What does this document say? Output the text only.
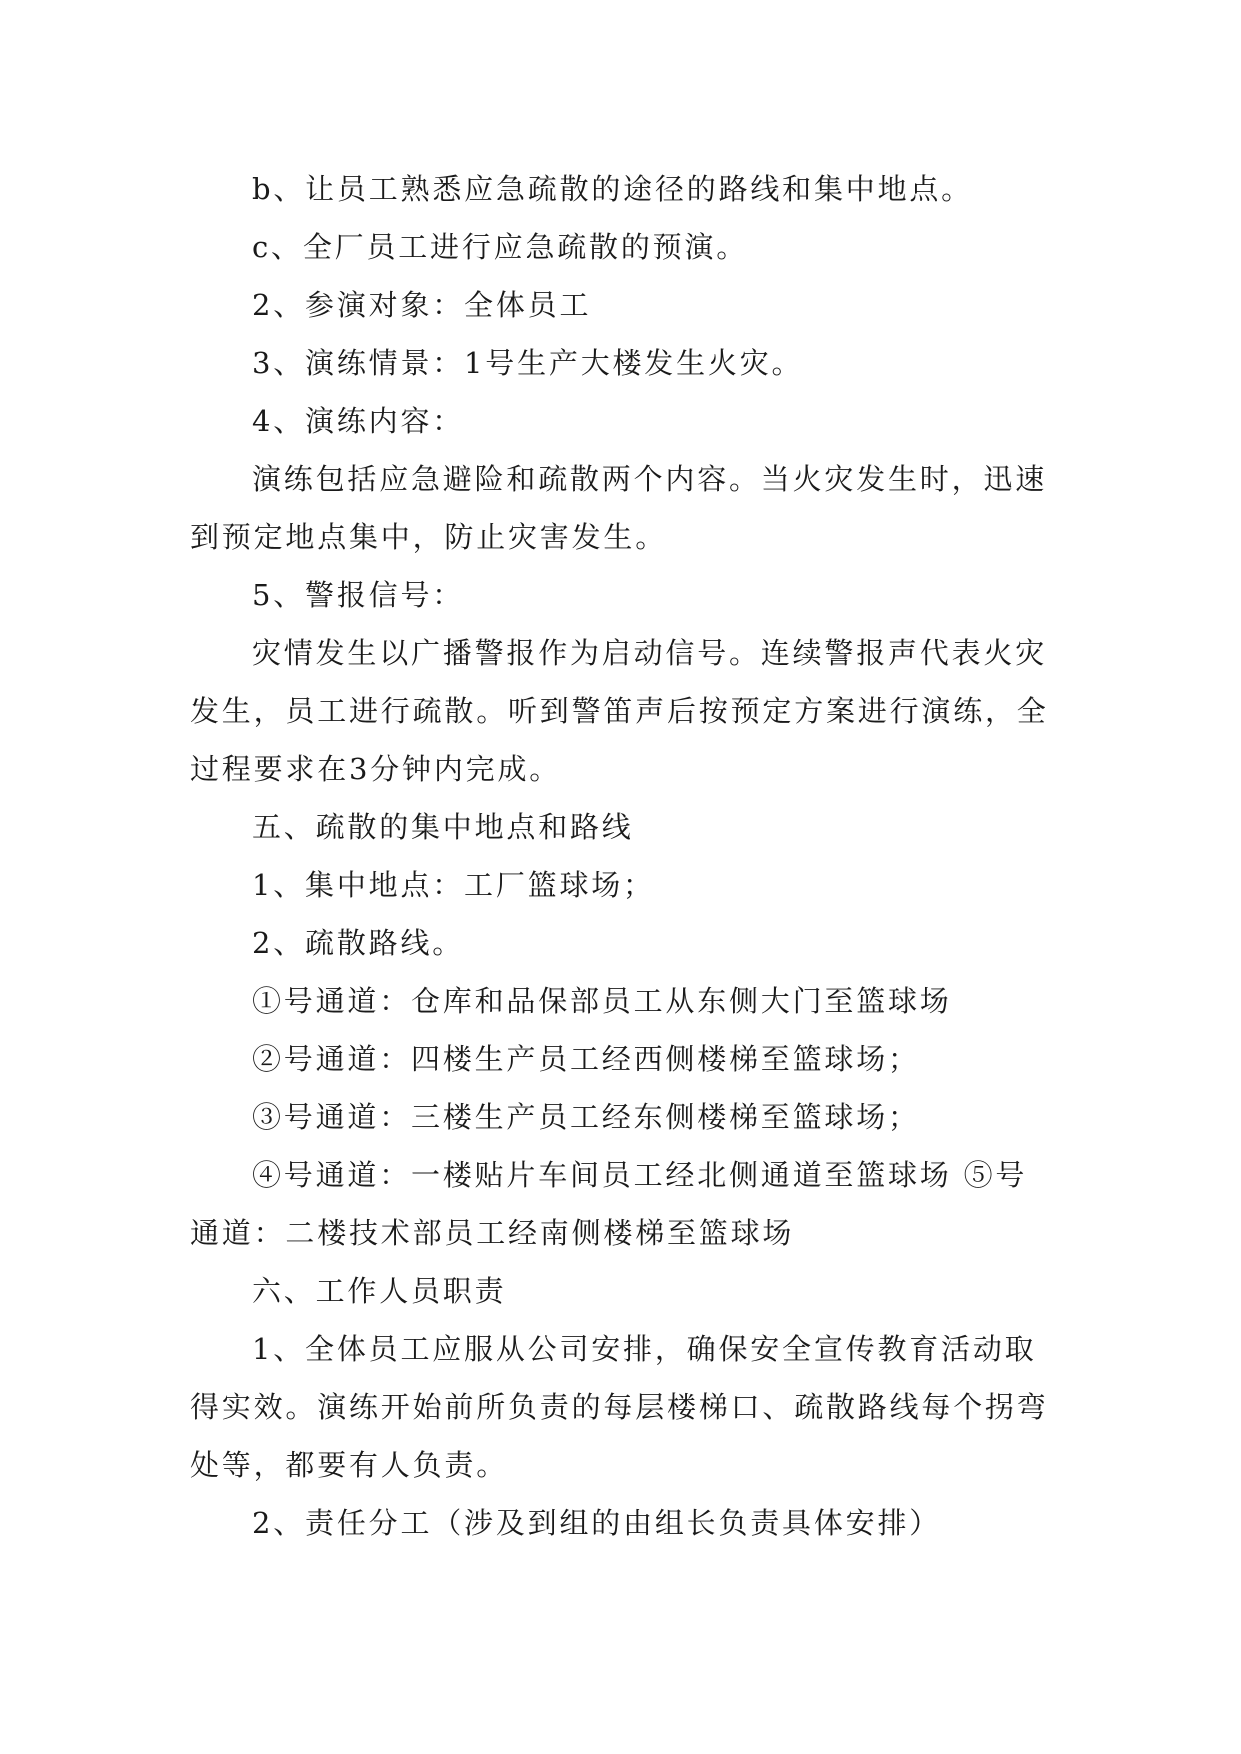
b、让员工熟悉应急疏散的途径的路线和集中地点。

c、全厂员工进行应急疏散的预演。

2、参演对象：全体员工

3、演练情景：1号生产大楼发生火灾。

4、演练内容：

演练包括应急避险和疏散两个内容。当火灾发生时，迅速到预定地点集中，防止灾害发生。

5、警报信号：

灾情发生以广播警报作为启动信号。连续警报声代表火灾发生，员工进行疏散。听到警笛声后按预定方案进行演练，全过程要求在3分钟内完成。

五、疏散的集中地点和路线

1、集中地点：工厂篮球场；

2、疏散路线。

①号通道：仓库和品保部员工从东侧大门至篮球场

②号通道：四楼生产员工经西侧楼梯至篮球场；

③号通道：三楼生产员工经东侧楼梯至篮球场；

④号通道：一楼贴片车间员工经北侧通道至篮球场 ⑤号通道：二楼技术部员工经南侧楼梯至篮球场

六、工作人员职责

1、全体员工应服从公司安排，确保安全宣传教育活动取得实效。演练开始前所负责的每层楼梯口、疏散路线每个拐弯处等，都要有人负责。

2、责任分工（涉及到组的由组长负责具体安排）
